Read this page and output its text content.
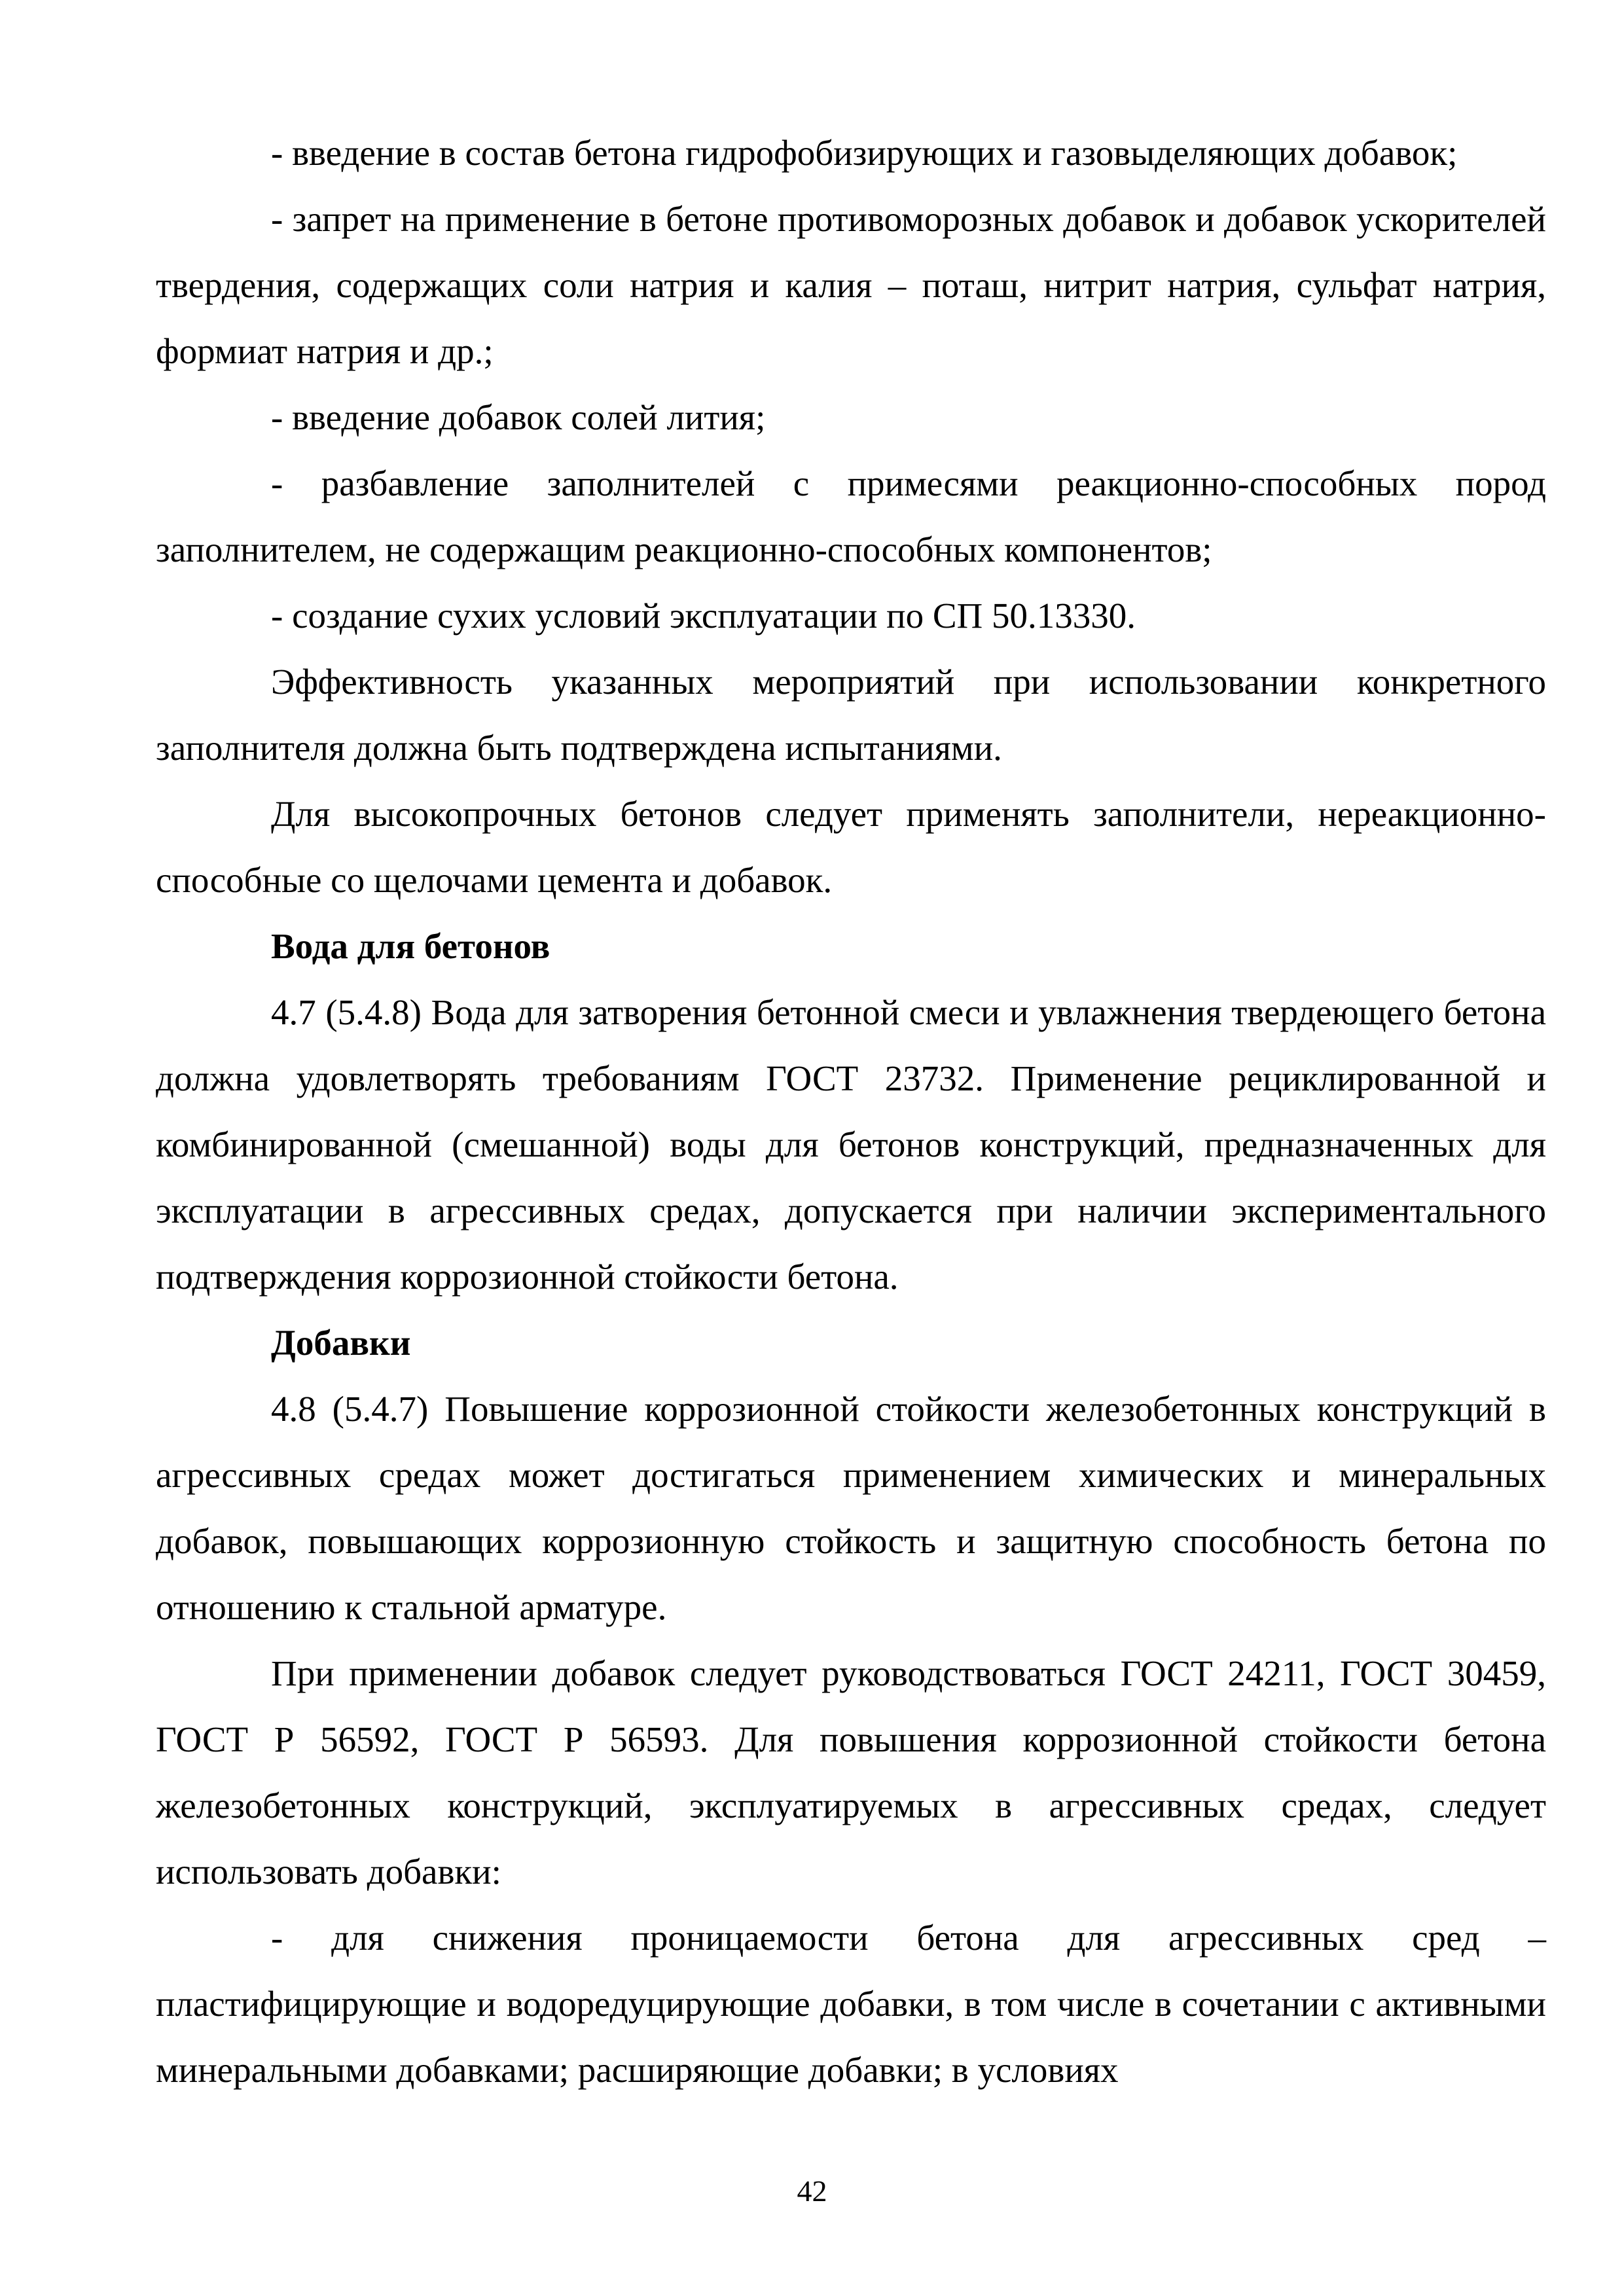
- введение в состав бетона гидрофобизирующих и газовыделяющих добавок;

- запрет на применение в бетоне противоморозных добавок и добавок ускорителей твердения, содержащих соли натрия и калия – поташ, нитрит натрия, сульфат натрия, формиат натрия и др.;

- введение добавок солей лития;

- разбавление заполнителей с примесями реакционно-способных пород заполнителем, не содержащим реакционно-способных компонентов;

- создание сухих условий эксплуатации по СП 50.13330.

Эффективность указанных мероприятий при использовании конкретного заполнителя должна быть подтверждена испытаниями.

Для высокопрочных бетонов следует применять заполнители, нереакционно-способные со щелочами цемента и добавок.

Вода для бетонов

4.7 (5.4.8) Вода для затворения бетонной смеси и увлажнения твердеющего бетона должна удовлетворять требованиям ГОСТ 23732. Применение рециклированной и комбинированной (смешанной) воды для бетонов конструкций, предназначенных для эксплуатации в агрессивных средах, допускается при наличии экспериментального подтверждения коррозионной стойкости бетона.

Добавки

4.8 (5.4.7) Повышение коррозионной стойкости железобетонных конструкций в агрессивных средах может достигаться применением химических и минеральных добавок, повышающих коррозионную стойкость и защитную способность бетона по отношению к стальной арматуре.

При применении добавок следует руководствоваться ГОСТ 24211, ГОСТ 30459, ГОСТ Р 56592, ГОСТ Р 56593. Для повышения коррозионной стойкости бетона железобетонных конструкций, эксплуатируемых в агрессивных средах, следует использовать добавки:

- для снижения проницаемости бетона для агрессивных сред – пластифицирующие и водоредуцирующие добавки, в том числе в сочетании с активными минеральными добавками; расширяющие добавки; в условиях

42
